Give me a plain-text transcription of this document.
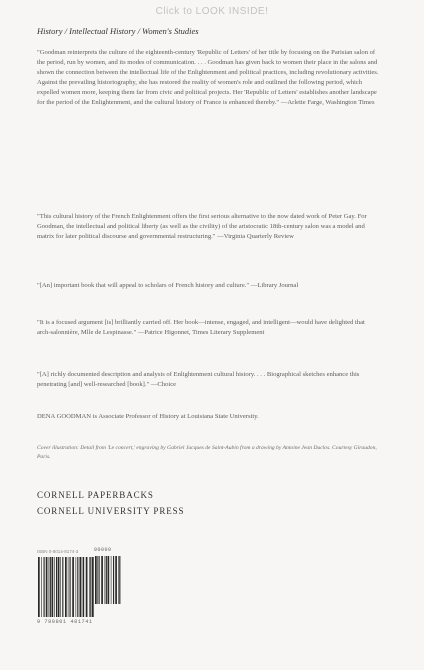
Click to LOOK INSIDE!
History / Intellectual History / Women's Studies

"Goodman reinterprets the culture of the eighteenth-century 'Republic of Letters' of her title by focusing on the Parisian salon of the period, run by women, and its modes of communication. . . . Goodman has given back to women their place in the salons and shown the connection between the intellectual life of the Enlightenment and political practices, including revolutionary activities. Against the prevailing historiography, she has restored the reality of women's role and outlined the following period, which expelled women more, keeping them far from civic and political projects. Her 'Republic of Letters' establishes another landscape for the period of the Enlightenment, and the cultural history of France is enhanced thereby." —Arlette Farge, Washington Times

"This cultural history of the French Enlightenment offers the first serious alternative to the now dated work of Peter Gay. For Goodman, the intellectual and political liberty (as well as the civility) of the aristocratic 18th-century salon was a model and matrix for later political discourse and governmental restructuring." —Virginia Quarterly Review

"[An] important book that will appeal to scholars of French history and culture." —Library Journal

"It is a focused argument [is] brilliantly carried off. Her book—intense, engaged, and intelligent—would have delighted that arch-salonnière, Mlle de Lespinasse." —Patrice Higonnet, Times Literary Supplement

"[A] richly documented description and analysis of Enlightenment cultural history. . . . Biographical sketches enhance this penetrating [and] well-researched [book]." —Choice

DENA GOODMAN is Associate Professor of History at Louisiana State University.

Cover illustration: Detail from 'Le concert,' engraving by Gabriel Jacques de Saint-Aubin from a drawing by Antoine Jean Duclos. Courtesy Giraudon, Paris.
CORNELL PAPERBACKS
CORNELL UNIVERSITY PRESS
90000
ISBN 0-8014-8174-3
9 780801 481741
